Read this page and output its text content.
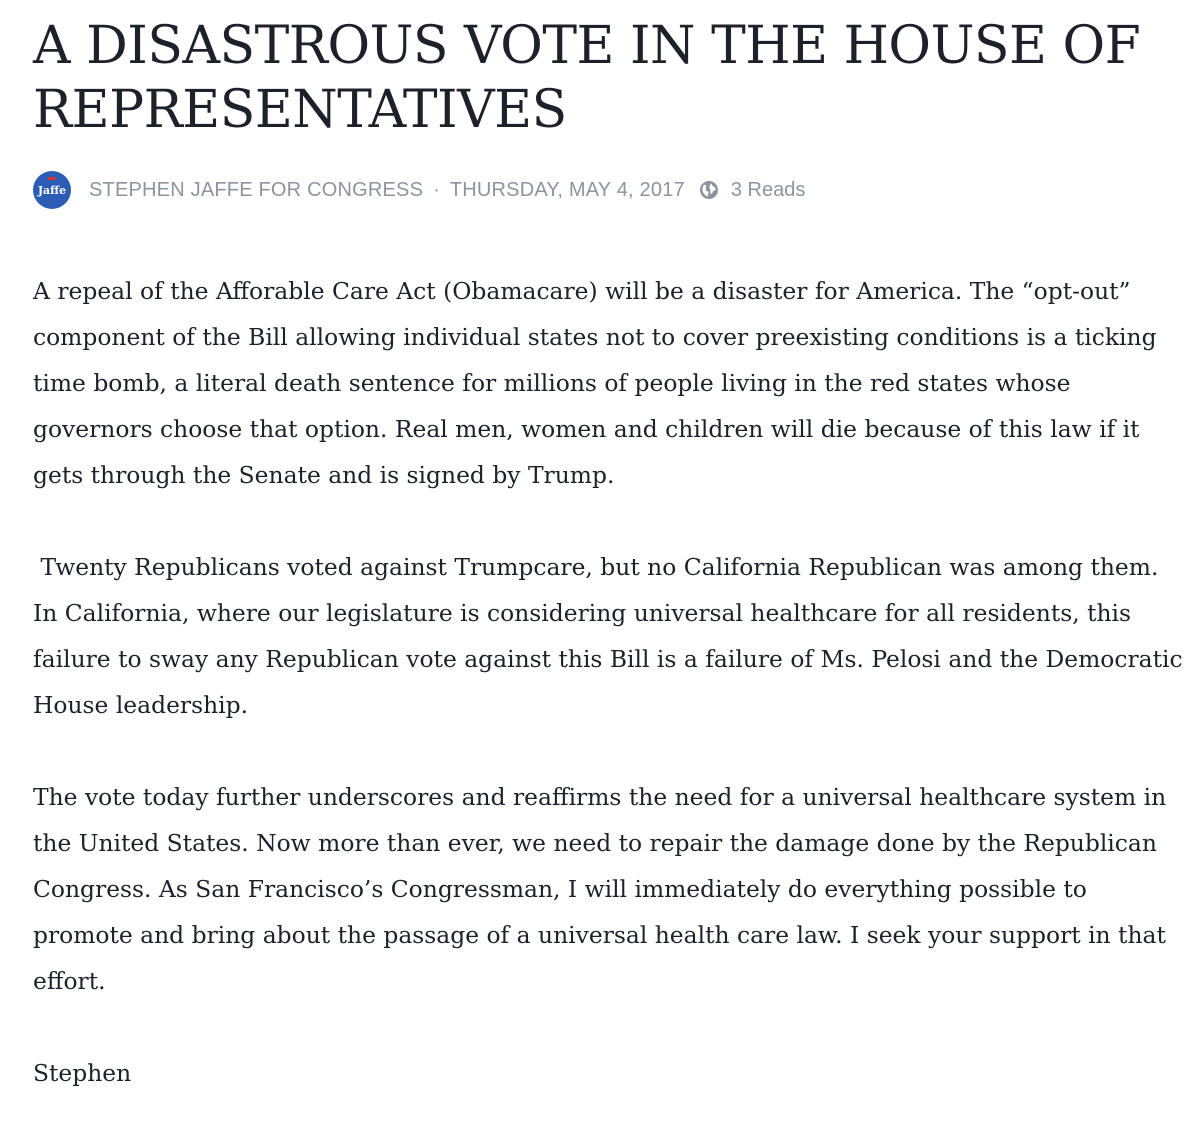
A DISASTROUS VOTE IN THE HOUSE OF REPRESENTATIVES
Jaffe STEPHEN JAFFE FOR CONGRESS · THURSDAY, MAY 4, 2017 3 Reads

A repeal of the Afforable Care Act (Obamacare) will be a disaster for America. The “opt-out” component of the Bill allowing individual states not to cover preexisting conditions is a ticking time bomb, a literal death sentence for millions of people living in the red states whose governors choose that option. Real men, women and children will die because of this law if it gets through the Senate and is signed by Trump.

Twenty Republicans voted against Trumpcare, but no California Republican was among them.  In California, where our legislature is considering universal healthcare for all residents, this failure to sway any Republican vote against this Bill is a failure of Ms. Pelosi and the Democratic House leadership.

The vote today further underscores and reaffirms the need for a universal healthcare system in the United States. Now more than ever, we need to repair the damage done by the Republican Congress. As San Francisco’s Congressman, I will immediately do everything possible to promote and bring about the passage of a universal health care law. I seek your support in that effort.

Stephen
